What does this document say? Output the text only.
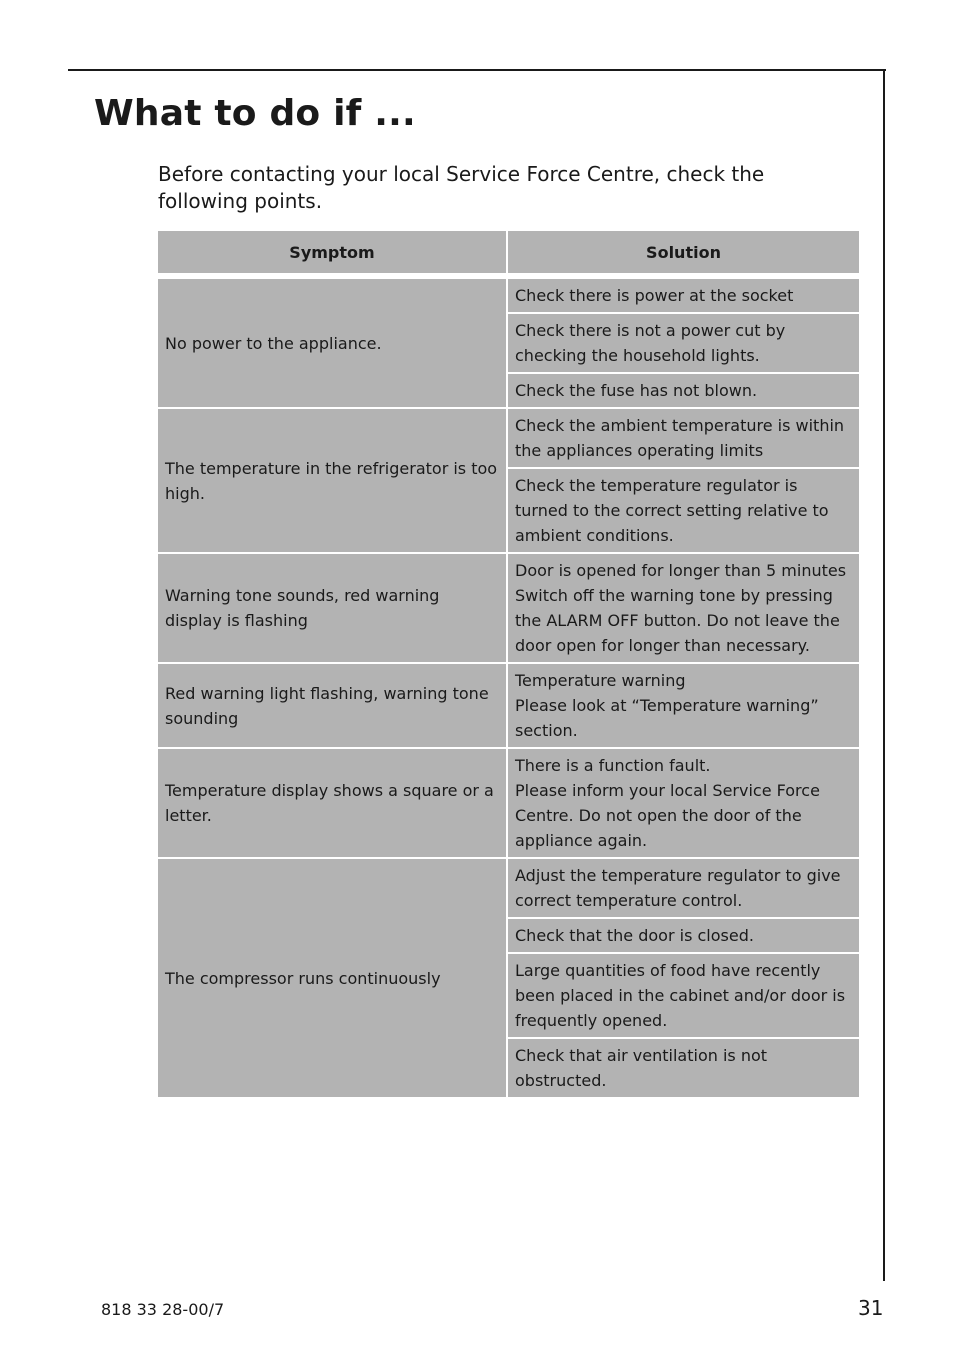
What to do if ...

Before contacting your local Service Force Centre, check the following points.

Symptom	Solution
No power to the appliance.	Check there is power at the socket
	Check there is not a power cut by checking the household lights.
	Check the fuse has not blown.
The temperature in the refrigerator is too high.	Check the ambient temperature is within the appliances operating limits
	Check the temperature regulator is turned to the correct setting relative to ambient conditions.
Warning tone sounds, red warning display is flashing	Door is opened for longer than 5 minutes
Switch off the warning tone by pressing the ALARM OFF button. Do not leave the door open for longer than necessary.
Red warning light flashing, warning tone sounding	Temperature warning
Please look at “Temperature warning” section.
Temperature display shows a square or a letter.	There is a function fault.
Please inform your local Service Force Centre. Do not open the door of the appliance again.
The compressor runs continuously	Adjust the temperature regulator to give correct temperature control.
	Check that the door is closed.
	Large quantities of food have recently been placed in the cabinet and/or door is frequently opened.
	Check that air ventilation is not obstructed.
818 33 28-00/7	31
